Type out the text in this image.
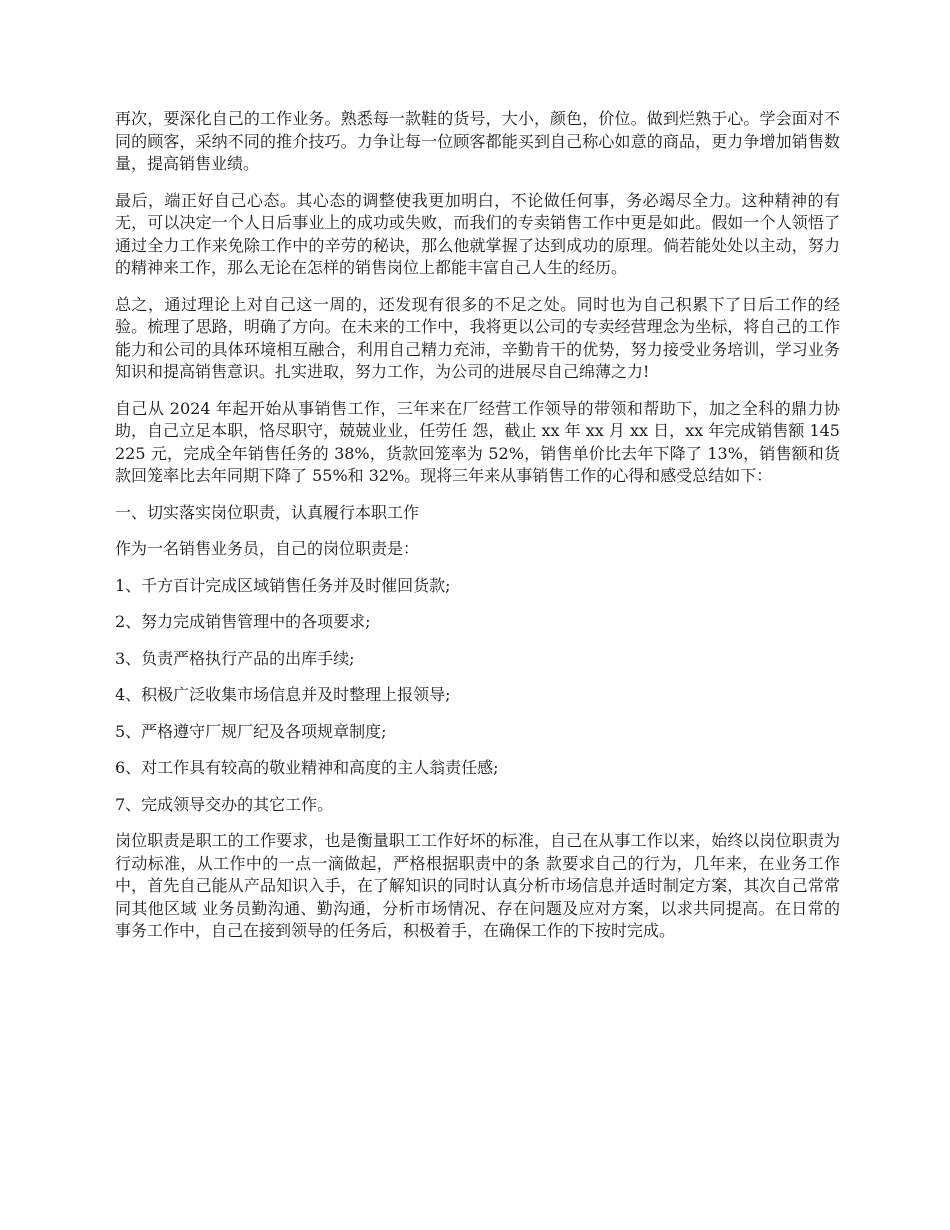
再次，要深化自己的工作业务。熟悉每一款鞋的货号，大小，颜色，价位。做到烂熟于心。学会面对不同的顾客，采纳不同的推介技巧。力争让每一位顾客都能买到自己称心如意的商品，更力争增加销售数量，提高销售业绩。

最后，端正好自己心态。其心态的调整使我更加明白，不论做任何事，务必竭尽全力。这种精神的有无，可以决定一个人日后事业上的成功或失败，而我们的专卖销售工作中更是如此。假如一个人领悟了通过全力工作来免除工作中的辛劳的秘诀，那么他就掌握了达到成功的原理。倘若能处处以主动，努力的精神来工作，那么无论在怎样的销售岗位上都能丰富自己人生的经历。

总之，通过理论上对自己这一周的，还发现有很多的不足之处。同时也为自己积累下了日后工作的经验。梳理了思路，明确了方向。在未来的工作中，我将更以公司的专卖经营理念为坐标，将自己的工作能力和公司的具体环境相互融合，利用自己精力充沛，辛勤肯干的优势，努力接受业务培训，学习业务知识和提高销售意识。扎实进取，努力工作，为公司的进展尽自己绵薄之力!

自己从 2024 年起开始从事销售工作，三年来在厂经营工作领导的带领和帮助下，加之全科的鼎力协助，自己立足本职，恪尽职守，兢兢业业，任劳任 怨，截止 xx 年 xx 月 xx 日，xx 年完成销售额 145225 元，完成全年销售任务的 38%，货款回笼率为 52%，销售单价比去年下降了 13%，销售额和货 款回笼率比去年同期下降了 55%和 32%。现将三年来从事销售工作的心得和感受总结如下：

一、切实落实岗位职责，认真履行本职工作

作为一名销售业务员，自己的岗位职责是：

1、千方百计完成区域销售任务并及时催回货款;

2、努力完成销售管理中的各项要求;

3、负责严格执行产品的出库手续;

4、积极广泛收集市场信息并及时整理上报领导;

5、严格遵守厂规厂纪及各项规章制度;

6、对工作具有较高的敬业精神和高度的主人翁责任感;

7、完成领导交办的其它工作。

岗位职责是职工的工作要求，也是衡量职工工作好坏的标准，自己在从事工作以来，始终以岗位职责为行动标准，从工作中的一点一滴做起，严格根据职责中的条 款要求自己的行为，几年来，在业务工作中，首先自己能从产品知识入手，在了解知识的同时认真分析市场信息并适时制定方案，其次自己常常同其他区域 业务员勤沟通、勤沟通，分析市场情况、存在问题及应对方案，以求共同提高。在日常的事务工作中，自己在接到领导的任务后，积极着手，在确保工作的下按时完成。
